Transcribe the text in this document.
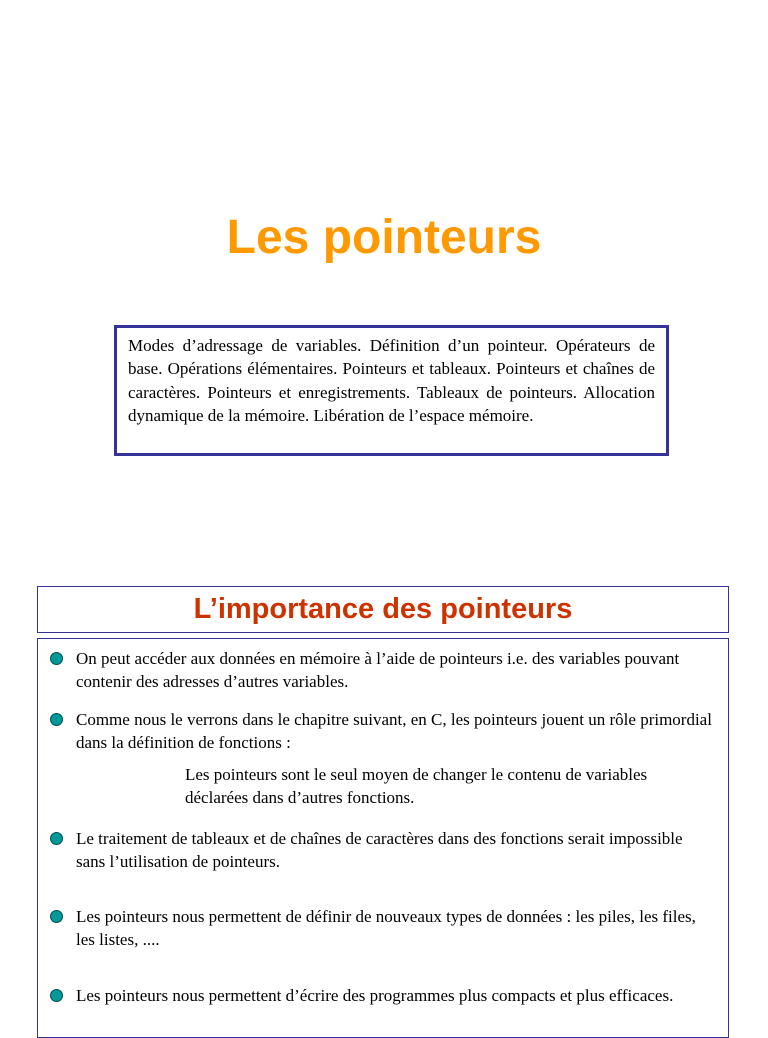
Les pointeurs
Modes d’adressage de variables. Définition d’un pointeur. Opérateurs de base. Opérations élémentaires. Pointeurs et tableaux. Pointeurs et chaînes de caractères. Pointeurs et enregistrements. Tableaux de pointeurs. Allocation dynamique de la mémoire. Libération de l’espace mémoire.
L’importance des pointeurs
On peut accéder aux données en mémoire à l’aide de pointeurs i.e. des variables pouvant contenir des adresses d’autres variables.
Comme nous le verrons dans le chapitre suivant, en C, les pointeurs jouent un rôle primordial dans la définition de fonctions :
Les pointeurs sont le seul moyen de changer le contenu de variables déclarées dans d’autres fonctions.
Le traitement de tableaux et de chaînes de caractères dans des fonctions serait impossible sans l’utilisation de pointeurs.
Les pointeurs nous permettent de définir de nouveaux types de données : les piles, les files, les listes, ....
Les pointeurs nous permettent d’écrire des programmes plus compacts et plus efficaces.
